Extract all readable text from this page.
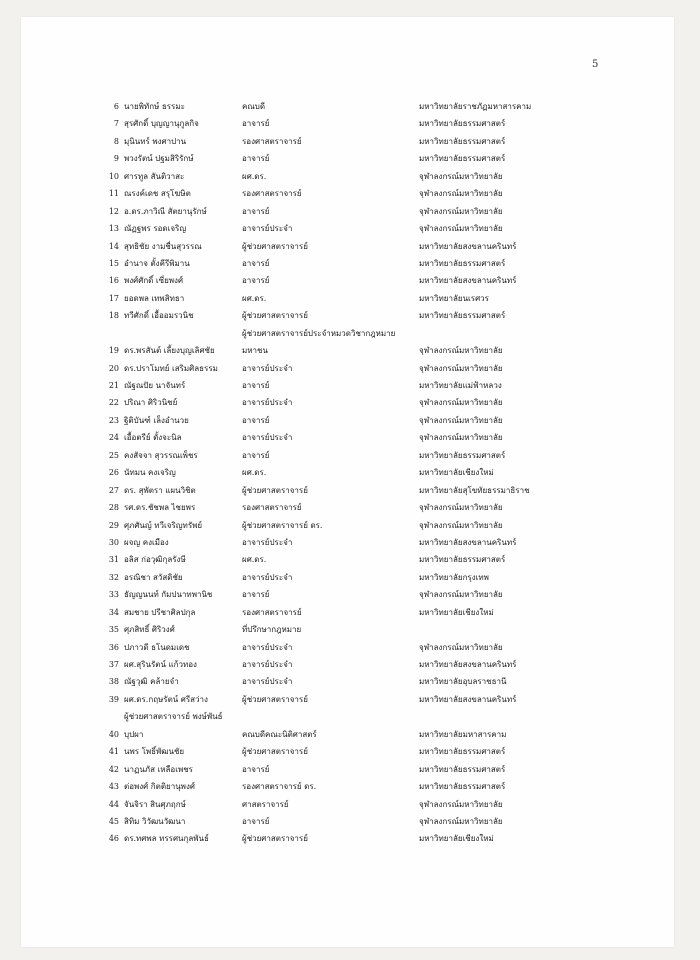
5
6 นายพิทักษ์ ธรรมะ	คณบดี	มหาวิทยาลัยราชภัฏมหาสารคาม
7 สุรศักดิ์ บุญญานุกูลกิจ	อาจารย์	มหาวิทยาลัยธรรมศาสตร์
8 มุนินทร์ พงศาปาน	รองศาสตราจารย์	มหาวิทยาลัยธรรมศาสตร์
9 พวงรัตน์ ปฐมสิริรักษ์	อาจารย์	มหาวิทยาลัยธรรมศาสตร์
10 ศารทูล สันติวาสะ	ผศ.ดร.	จุฬาลงกรณ์มหาวิทยาลัย
11 ณรงค์เดช สรุโฆษิต	รองศาสตราจารย์	จุฬาลงกรณ์มหาวิทยาลัย
12 อ.ดร.ภาวิณี สัตยานุรักษ์	อาจารย์	จุฬาลงกรณ์มหาวิทยาลัย
13 ณัฏฐพร รอดเจริญ	อาจารย์ประจำ	จุฬาลงกรณ์มหาวิทยาลัย
14 สุทธิชัย งามชื่นสุวรรณ	ผู้ช่วยศาสตราจารย์	มหาวิทยาลัยสงขลานครินทร์
15 อำนาจ ตั้งคีรีพิมาน	อาจารย์	มหาวิทยาลัยธรรมศาสตร์
16 พงศ์ศักดิ์ เซี่ยพงศ์	อาจารย์	มหาวิทยาลัยสงขลานครินทร์
17 ยอดพล เทพสิทธา	ผศ.ดร.	มหาวิทยาลัยนเรศวร
18 ทวีศักดิ์ เอื้ออมรวนิช	ผู้ช่วยศาสตราจารย์	มหาวิทยาลัยธรรมศาสตร์
ผู้ช่วยศาสตราจารย์ประจำหมวดวิชากฎหมาย
19 ดร.พรสันต์ เลี้ยงบุญเลิศชัย	มหาชน	จุฬาลงกรณ์มหาวิทยาลัย
20 ดร.ปราโมทย์ เสริมศิลธรรม	อาจารย์ประจำ	จุฬาลงกรณ์มหาวิทยาลัย
21 ณัฐณปัย นาจันทร์	อาจารย์	มหาวิทยาลัยแม่ฟ้าหลวง
22 ปริณา ศิริวนิชย์	อาจารย์ประจำ	จุฬาลงกรณ์มหาวิทยาลัย
23 ฐิติบันฑ์ เล็งอำนวย	อาจารย์	จุฬาลงกรณ์มหาวิทยาลัย
24 เอื้อตรีย์ ตั้งจะนิล	อาจารย์ประจำ	จุฬาลงกรณ์มหาวิทยาลัย
25 คงสัจจา สุวรรณเพ็ชร	อาจารย์	มหาวิทยาลัยธรรมศาสตร์
26 นัทมน คงเจริญ	ผศ.ดร.	มหาวิทยาลัยเชียงใหม่
27 ดร. สุพัตรา แผนวิชิต	ผู้ช่วยศาสตราจารย์	มหาวิทยาลัยสุโขทัยธรรมาธิราช
28 รศ.ดร.ชัชพล ไชยพร	รองศาสตราจารย์	จุฬาลงกรณ์มหาวิทยาลัย
29 ศุภศันญ์ ทวีเจริญทรัพย์	ผู้ช่วยศาสตราจารย์ ดร.	จุฬาลงกรณ์มหาวิทยาลัย
30 ผจญ คงเมือง	อาจารย์ประจำ	มหาวิทยาลัยสงขลานครินทร์
31 อลิส ก่อวุฒิกุลรังษี	ผศ.ดร.	มหาวิทยาลัยธรรมศาสตร์
32 อรณิชา สวัสดิชัย	อาจารย์ประจำ	มหาวิทยาลัยกรุงเทพ
33 ธัญญนนท์ กัมปนาทพานิช	อาจารย์	จุฬาลงกรณ์มหาวิทยาลัย
34 สมชาย ปรีชาศิลปกุล	รองศาสตราจารย์	มหาวิทยาลัยเชียงใหม่
35 ศุภสิทธิ์ ศิริวงศ์	ที่ปรึกษากฎหมาย
36 ปภาวดี ธโนดมเดช	อาจารย์ประจำ	จุฬาลงกรณ์มหาวิทยาลัย
37 ผศ.สุรินรัตน์ แก้วทอง	อาจารย์ประจำ	มหาวิทยาลัยสงขลานครินทร์
38 ณัฐวุฒิ คล้ายจำ	อาจารย์ประจำ	มหาวิทยาลัยอุบลราชธานี
39 ผศ.ดร.กฤษรัตน์ ศรีสว่าง	ผู้ช่วยศาสตราจารย์	มหาวิทยาลัยสงขลานครินทร์
ผู้ช่วยศาสตราจารย์ พงษ์พันธ์
40 บุปผา	คณบดีคณะนิติศาสตร์	มหาวิทยาลัยมหาสารคาม
41 นพร โพธิ์พัฒนชัย	ผู้ช่วยศาสตราจารย์	มหาวิทยาลัยธรรมศาสตร์
42 นาฏนภัส เหลือเพชร	อาจารย์	มหาวิทยาลัยธรรมศาสตร์
43 ต่อพงศ์ กิตติยานุพงศ์	รองศาสตราจารย์ ดร.	มหาวิทยาลัยธรรมศาสตร์
44 จันจิรา สินศุภฤกษ์	ศาสตราจารย์	จุฬาลงกรณ์มหาวิทยาลัย
45 สิทิม วิวัฒนวัฒนา	อาจารย์	จุฬาลงกรณ์มหาวิทยาลัย
46 ดร.ทศพล ทรรศนกุลพันธ์	ผู้ช่วยศาสตราจารย์	มหาวิทยาลัยเชียงใหม่
